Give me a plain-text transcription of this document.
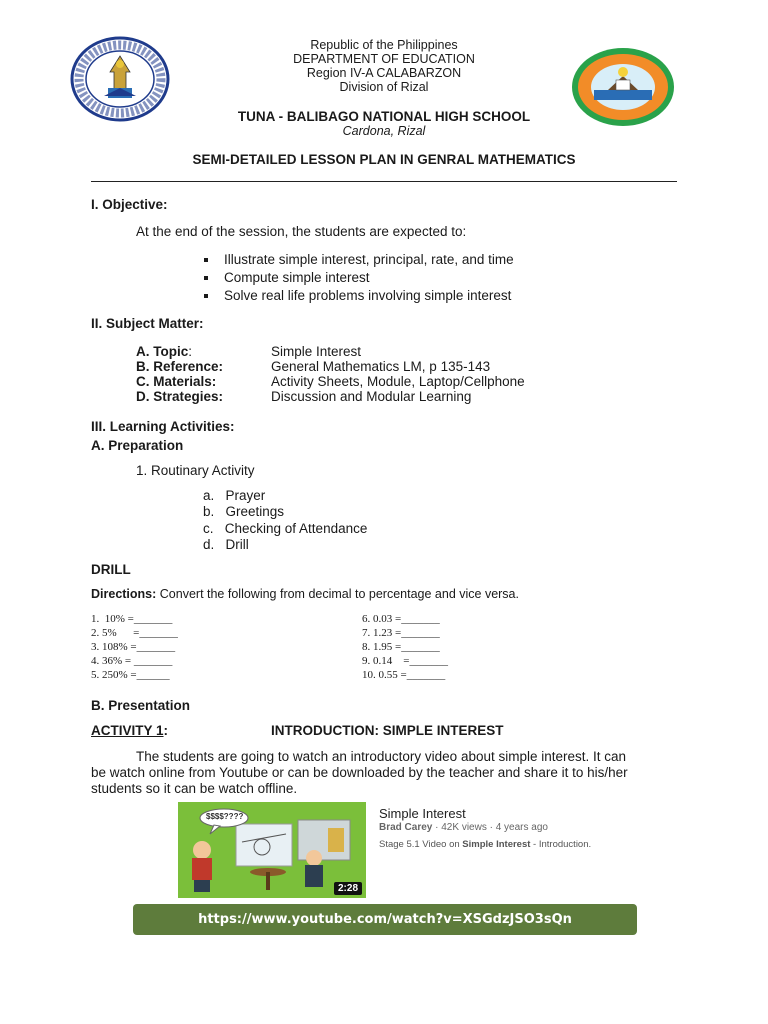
Republic of the Philippines
DEPARTMENT OF EDUCATION
Region IV-A CALABARZON
Division of Rizal
TUNA - BALIBAGO NATIONAL HIGH SCHOOL
Cardona, Rizal
SEMI-DETAILED LESSON PLAN IN GENRAL MATHEMATICS
I. Objective:
At the end of the session, the students are expected to:
Illustrate simple interest, principal, rate, and time
Compute simple interest
Solve real life problems involving simple interest
II. Subject Matter:
A. Topic:	Simple Interest
B. Reference:	General Mathematics LM, p 135-143
C. Materials:	Activity Sheets, Module, Laptop/Cellphone
D. Strategies:	Discussion and Modular Learning
III. Learning Activities:
A. Preparation
1. Routinary Activity
a.   Prayer
b.   Greetings
c.   Checking of Attendance
d.   Drill
DRILL
Directions: Convert the following from decimal to percentage and vice versa.
1.  10% =_______
2. 5%      =_______
3. 108% =_______
4. 36% = _______
5. 250% =______
6. 0.03 =_______
7. 1.23 =_______
8. 1.95 =_______
9. 0.14    =_______
10. 0.55 =_______
B. Presentation
ACTIVITY 1:	INTRODUCTION: SIMPLE INTEREST
The students are going to watch an introductory video about simple interest. It can
be watch online from Youtube or can be downloaded by the teacher and share it to his/her
students so it can be watch offline.
$$$$????
2:28
Simple Interest
Brad Carey · 42K views · 4 years ago
Stage 5.1 Video on Simple Interest - Introduction.
https://www.youtube.com/watch?v=XSGdzJSO3sQn
